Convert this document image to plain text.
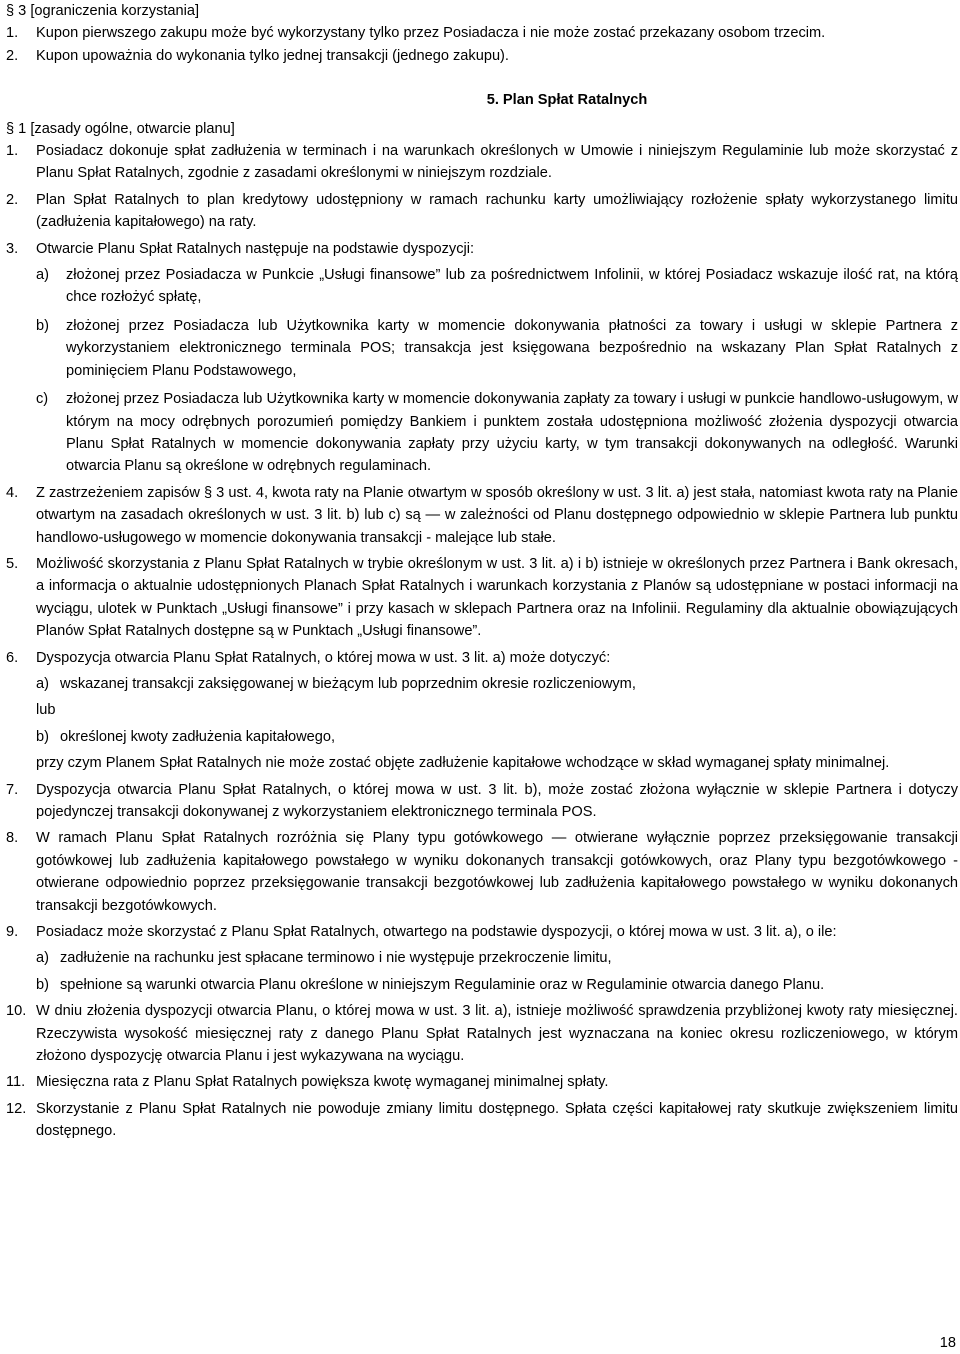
§ 3 [ograniczenia korzystania]
1.	Kupon pierwszego zakupu może być wykorzystany tylko przez Posiadacza i nie może zostać przekazany osobom trzecim.
2.	Kupon upoważnia do wykonania tylko jednej transakcji (jednego zakupu).
5. Plan Spłat Ratalnych
§ 1 [zasady ogólne, otwarcie planu]
1.	Posiadacz dokonuje spłat zadłużenia w terminach i na warunkach określonych w Umowie i niniejszym Regulaminie lub może skorzystać z Planu Spłat Ratalnych, zgodnie z zasadami określonymi w niniejszym rozdziale.
2.	Plan Spłat Ratalnych to plan kredytowy udostępniony w ramach rachunku karty umożliwiający rozłożenie spłaty wykorzystanego limitu (zadłużenia kapitałowego) na raty.
3.	Otwarcie Planu Spłat Ratalnych następuje na podstawie dyspozycji:
a)	złożonej przez Posiadacza w Punkcie „Usługi finansowe” lub za pośrednictwem Infolinii, w której Posiadacz wskazuje ilość rat, na którą chce rozłożyć spłatę,
b)	złożonej przez Posiadacza lub Użytkownika karty w momencie dokonywania płatności za towary i usługi w sklepie Partnera z wykorzystaniem elektronicznego terminala POS; transakcja jest księgowana bezpośrednio na wskazany Plan Spłat Ratalnych z pominięciem Planu Podstawowego,
c)	złożonej przez Posiadacza lub Użytkownika karty w momencie dokonywania zapłaty za towary i usługi w punkcie handlowo-usługowym, w którym na mocy odrębnych porozumień pomiędzy Bankiem i punktem została udostępniona możliwość złożenia dyspozycji otwarcia Planu Spłat Ratalnych w momencie dokonywania zapłaty przy użyciu karty, w tym transakcji dokonywanych na odległość. Warunki otwarcia Planu są określone w odrębnych regulaminach.
4.	Z zastrzeżeniem zapisów § 3 ust. 4, kwota raty na Planie otwartym w sposób określony w ust. 3 lit. a) jest stała, natomiast kwota raty na Planie otwartym na zasadach określonych w ust. 3 lit. b) lub c) są — w zależności od Planu dostępnego odpowiednio w sklepie Partnera lub punktu handlowo-usługowego w momencie dokonywania transakcji - malejące lub stałe.
5.	Możliwość skorzystania z Planu Spłat Ratalnych w trybie określonym w ust. 3 lit. a) i b) istnieje w określonych przez Partnera i Bank okresach, a informacja o aktualnie udostępnionych Planach Spłat Ratalnych i warunkach korzystania z Planów są udostępniane w postaci informacji na wyciągu, ulotek w Punktach „Usługi finansowe” i przy kasach w sklepach Partnera oraz na Infolinii. Regulaminy dla aktualnie obowiązujących Planów Spłat Ratalnych dostępne są w Punktach „Usługi finansowe”.
6.	Dyspozycja otwarcia Planu Spłat Ratalnych, o której mowa w ust. 3 lit. a) może dotyczyć:
a) wskazanej transakcji zaksięgowanej w bieżącym lub poprzednim okresie rozliczeniowym,
lub
b) określonej kwoty zadłużenia kapitałowego,
przy czym Planem Spłat Ratalnych nie może zostać objęte zadłużenie kapitałowe wchodzące w skład wymaganej spłaty minimalnej.
7.	Dyspozycja otwarcia Planu Spłat Ratalnych, o której mowa w ust. 3 lit. b), może zostać złożona wyłącznie w sklepie Partnera i dotyczy pojedynczej transakcji dokonywanej z wykorzystaniem elektronicznego terminala POS.
8.	W ramach Planu Spłat Ratalnych rozróżnia się Plany typu gotówkowego — otwierane wyłącznie poprzez przeksięgowanie transakcji gotówkowej lub zadłużenia kapitałowego powstałego w wyniku dokonanych transakcji gotówkowych, oraz Plany typu bezgotówkowego - otwierane odpowiednio poprzez przeksięgowanie transakcji bezgotówkowej lub zadłużenia kapitałowego powstałego w wyniku dokonanych transakcji bezgotówkowych.
9.	Posiadacz może skorzystać z Planu Spłat Ratalnych, otwartego na podstawie dyspozycji, o której mowa w ust. 3 lit. a), o ile:
a) zadłużenie na rachunku jest spłacane terminowo i nie występuje przekroczenie limitu,
b) spełnione są warunki otwarcia Planu określone w niniejszym Regulaminie oraz w Regulaminie otwarcia danego Planu.
10. W dniu złożenia dyspozycji otwarcia Planu, o której mowa w ust. 3 lit. a), istnieje możliwość sprawdzenia przybliżonej kwoty raty miesięcznej. Rzeczywista wysokość miesięcznej raty z danego Planu Spłat Ratalnych jest wyznaczana na koniec okresu rozliczeniowego, w którym złożono dyspozycję otwarcia Planu i jest wykazywana na wyciągu.
11. Miesięczna rata z Planu Spłat Ratalnych powiększa kwotę wymaganej minimalnej spłaty.
12. Skorzystanie z Planu Spłat Ratalnych nie powoduje zmiany limitu dostępnego. Spłata części kapitałowej raty skutkuje zwiększeniem limitu dostępnego.
18
